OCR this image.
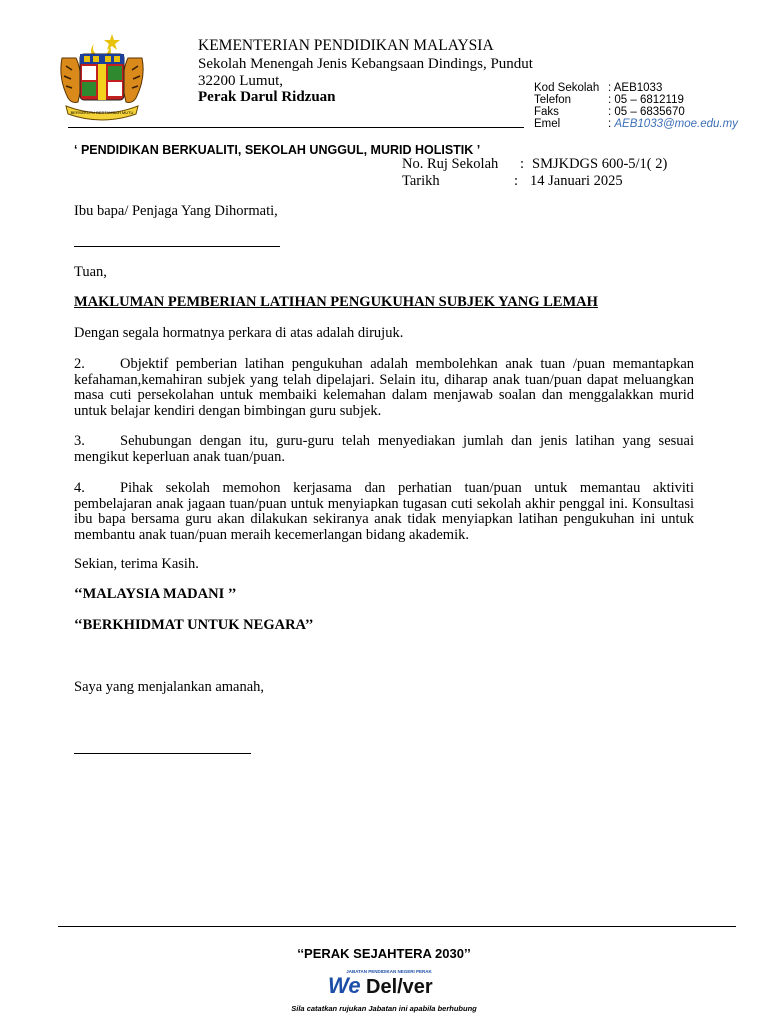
BERSEKUTU BERTAMBAH MUTU
KEMENTERIAN PENDIDIKAN MALAYSIA
Sekolah Menengah Jenis Kebangsaan Dindings, Pundut
32200 Lumut,
Perak Darul Ridzuan
Kod Sekolah : AEB1033
Telefon	: 05 – 6812119
Faks	: 05 – 6835670
Emel	: AEB1033@moe.edu.my
‘ PENDIDIKAN BERKUALITI, SEKOLAH UNGGUL, MURID HOLISTIK ’
No. Ruj Sekolah : SMJKDGS 600-5/1( 2)
Tarikh	: 14 Januari 2025
Ibu bapa/ Penjaga Yang Dihormati,
Tuan,
MAKLUMAN PEMBERIAN LATIHAN PENGUKUHAN SUBJEK YANG LEMAH
Dengan segala hormatnya perkara di atas adalah dirujuk.
2. Objektif pemberian latihan pengukuhan adalah membolehkan anak tuan /puan memantapkan kefahaman,kemahiran subjek yang telah dipelajari. Selain itu, diharap anak tuan/puan dapat meluangkan masa cuti persekolahan untuk membaiki kelemahan dalam menjawab soalan dan menggalakkan murid untuk belajar kendiri dengan bimbingan guru subjek.
3. Sehubungan dengan itu, guru-guru telah menyediakan jumlah dan jenis latihan yang sesuai mengikut keperluan anak tuan/puan.
4. Pihak sekolah memohon kerjasama dan perhatian tuan/puan untuk memantau aktiviti pembelajaran anak jagaan tuan/puan untuk menyiapkan tugasan cuti sekolah akhir penggal ini. Konsultasi ibu bapa bersama guru akan dilakukan sekiranya anak tidak menyiapkan latihan pengukuhan ini untuk membantu anak tuan/puan meraih kecemerlangan bidang akademik.
Sekian, terima Kasih.
‘‘MALAYSIA MADANI ’’
‘‘BERKHIDMAT UNTUK NEGARA’’
Saya yang menjalankan amanah,
‘‘PERAK SEJAHTERA 2030’’
JABATAN PENDIDIKAN NEGERI PERAK
We Del/ver
Sila catatkan rujukan Jabatan ini apabila berhubung
